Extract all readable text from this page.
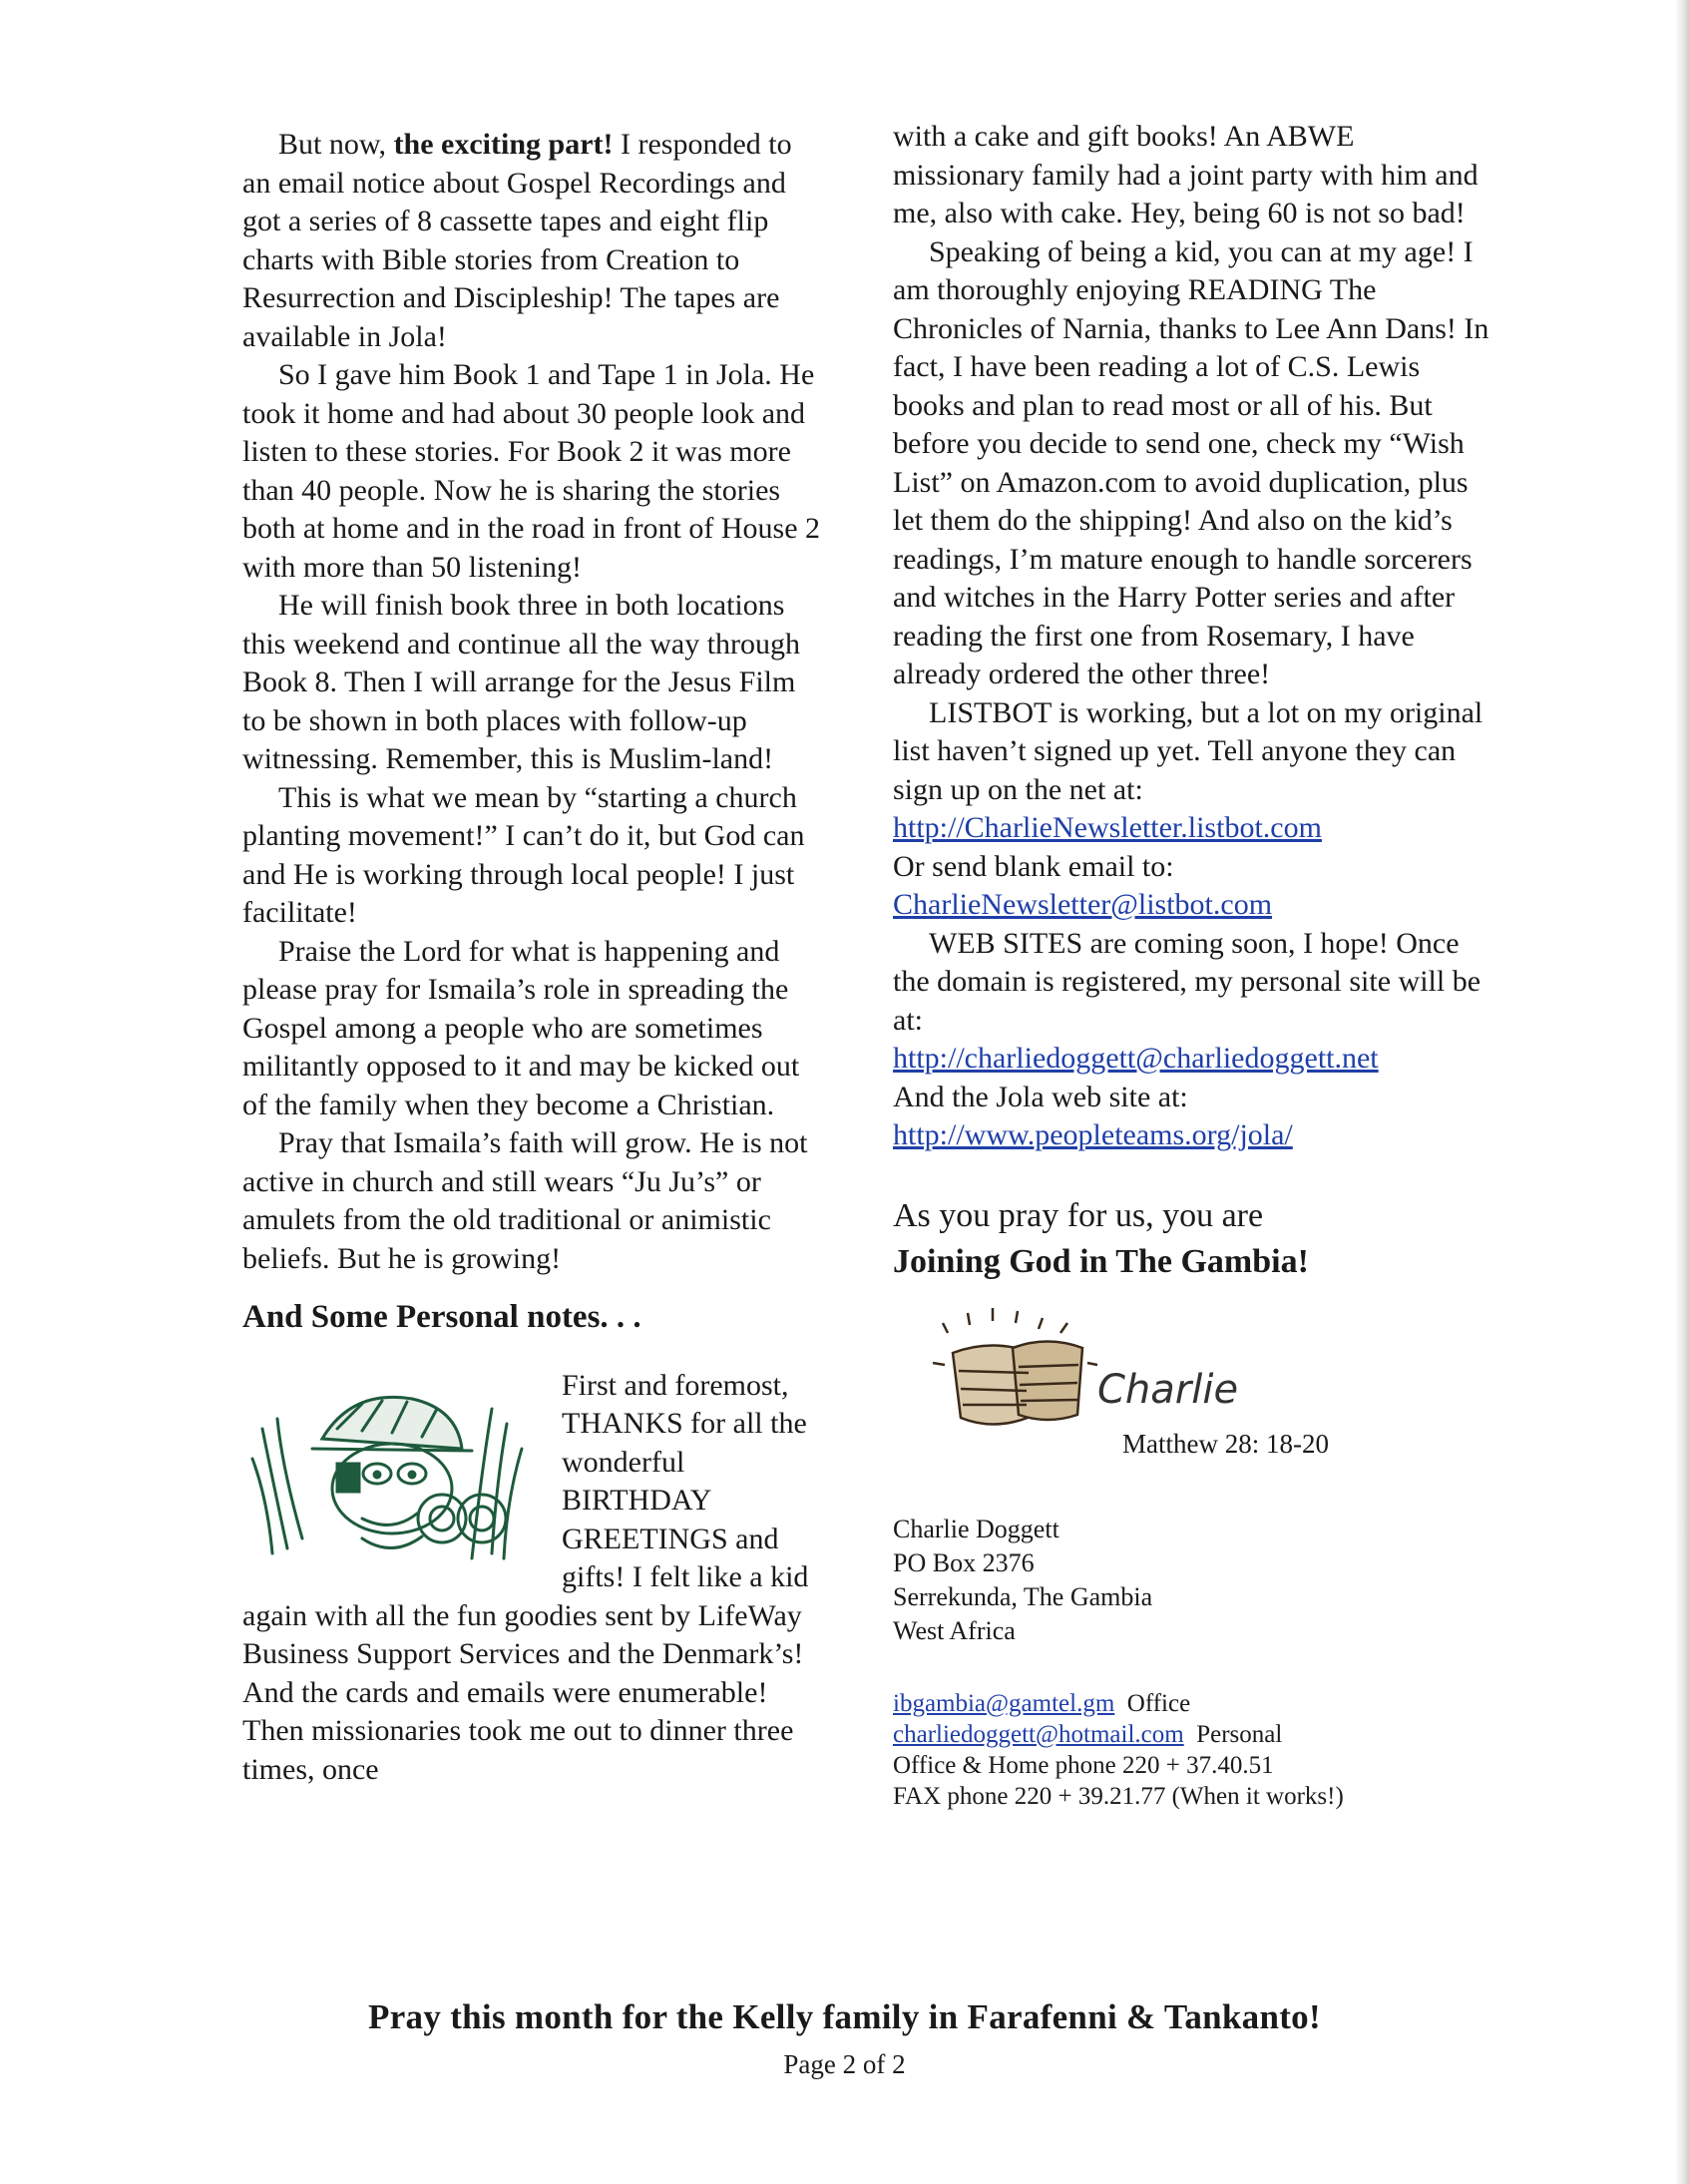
But now, the exciting part! I responded to an email notice about Gospel Recordings and got a series of 8 cassette tapes and eight flip charts with Bible stories from Creation to Resurrection and Discipleship! The tapes are available in Jola!

So I gave him Book 1 and Tape 1 in Jola. He took it home and had about 30 people look and listen to these stories. For Book 2 it was more than 40 people. Now he is sharing the stories both at home and in the road in front of House 2 with more than 50 listening!

He will finish book three in both locations this weekend and continue all the way through Book 8. Then I will arrange for the Jesus Film to be shown in both places with follow-up witnessing. Remember, this is Muslim-land!

This is what we mean by “starting a church planting movement!” I can’t do it, but God can and He is working through local people! I just facilitate!

Praise the Lord for what is happening and please pray for Ismaila’s role in spreading the Gospel among a people who are sometimes militantly opposed to it and may be kicked out of the family when they become a Christian.

Pray that Ismaila’s faith will grow. He is not active in church and still wears “Ju Ju’s” or amulets from the old traditional or animistic beliefs. But he is growing!

And Some Personal notes. . .

First and foremost, THANKS for all the wonderful BIRTHDAY GREETINGS and gifts! I felt like a kid again with all the fun goodies sent by LifeWay Business Support Services and the Denmark’s! And the cards and emails were enumerable! Then missionaries took me out to dinner three times, once

with a cake and gift books! An ABWE missionary family had a joint party with him and me, also with cake. Hey, being 60 is not so bad!

Speaking of being a kid, you can at my age! I am thoroughly enjoying READING The Chronicles of Narnia, thanks to Lee Ann Dans! In fact, I have been reading a lot of C.S. Lewis books and plan to read most or all of his. But before you decide to send one, check my “Wish List” on Amazon.com to avoid duplication, plus let them do the shipping! And also on the kid’s readings, I’m mature enough to handle sorcerers and witches in the Harry Potter series and after reading the first one from Rosemary, I have already ordered the other three!

LISTBOT is working, but a lot on my original list haven’t signed up yet. Tell anyone they can sign up on the net at:

http://CharlieNewsletter.listbot.com

Or send blank email to:

CharlieNewsletter@listbot.com

WEB SITES are coming soon, I hope! Once the domain is registered, my personal site will be at:

http://charliedoggett@charliedoggett.net

And the Jola web site at:

http://www.peopleteams.org/jola/

As you pray for us, you are
Joining God in The Gambia!

Charlie
Matthew 28: 18-20

Charlie Doggett
PO Box 2376
Serrekunda, The Gambia
West Africa

ibgambia@gamtel.gm Office
charliedoggett@hotmail.com Personal
Office & Home phone 220 + 37.40.51
FAX phone 220 + 39.21.77 (When it works!)

Pray this month for the Kelly family in Farafenni & Tankanto!
Page 2 of 2
